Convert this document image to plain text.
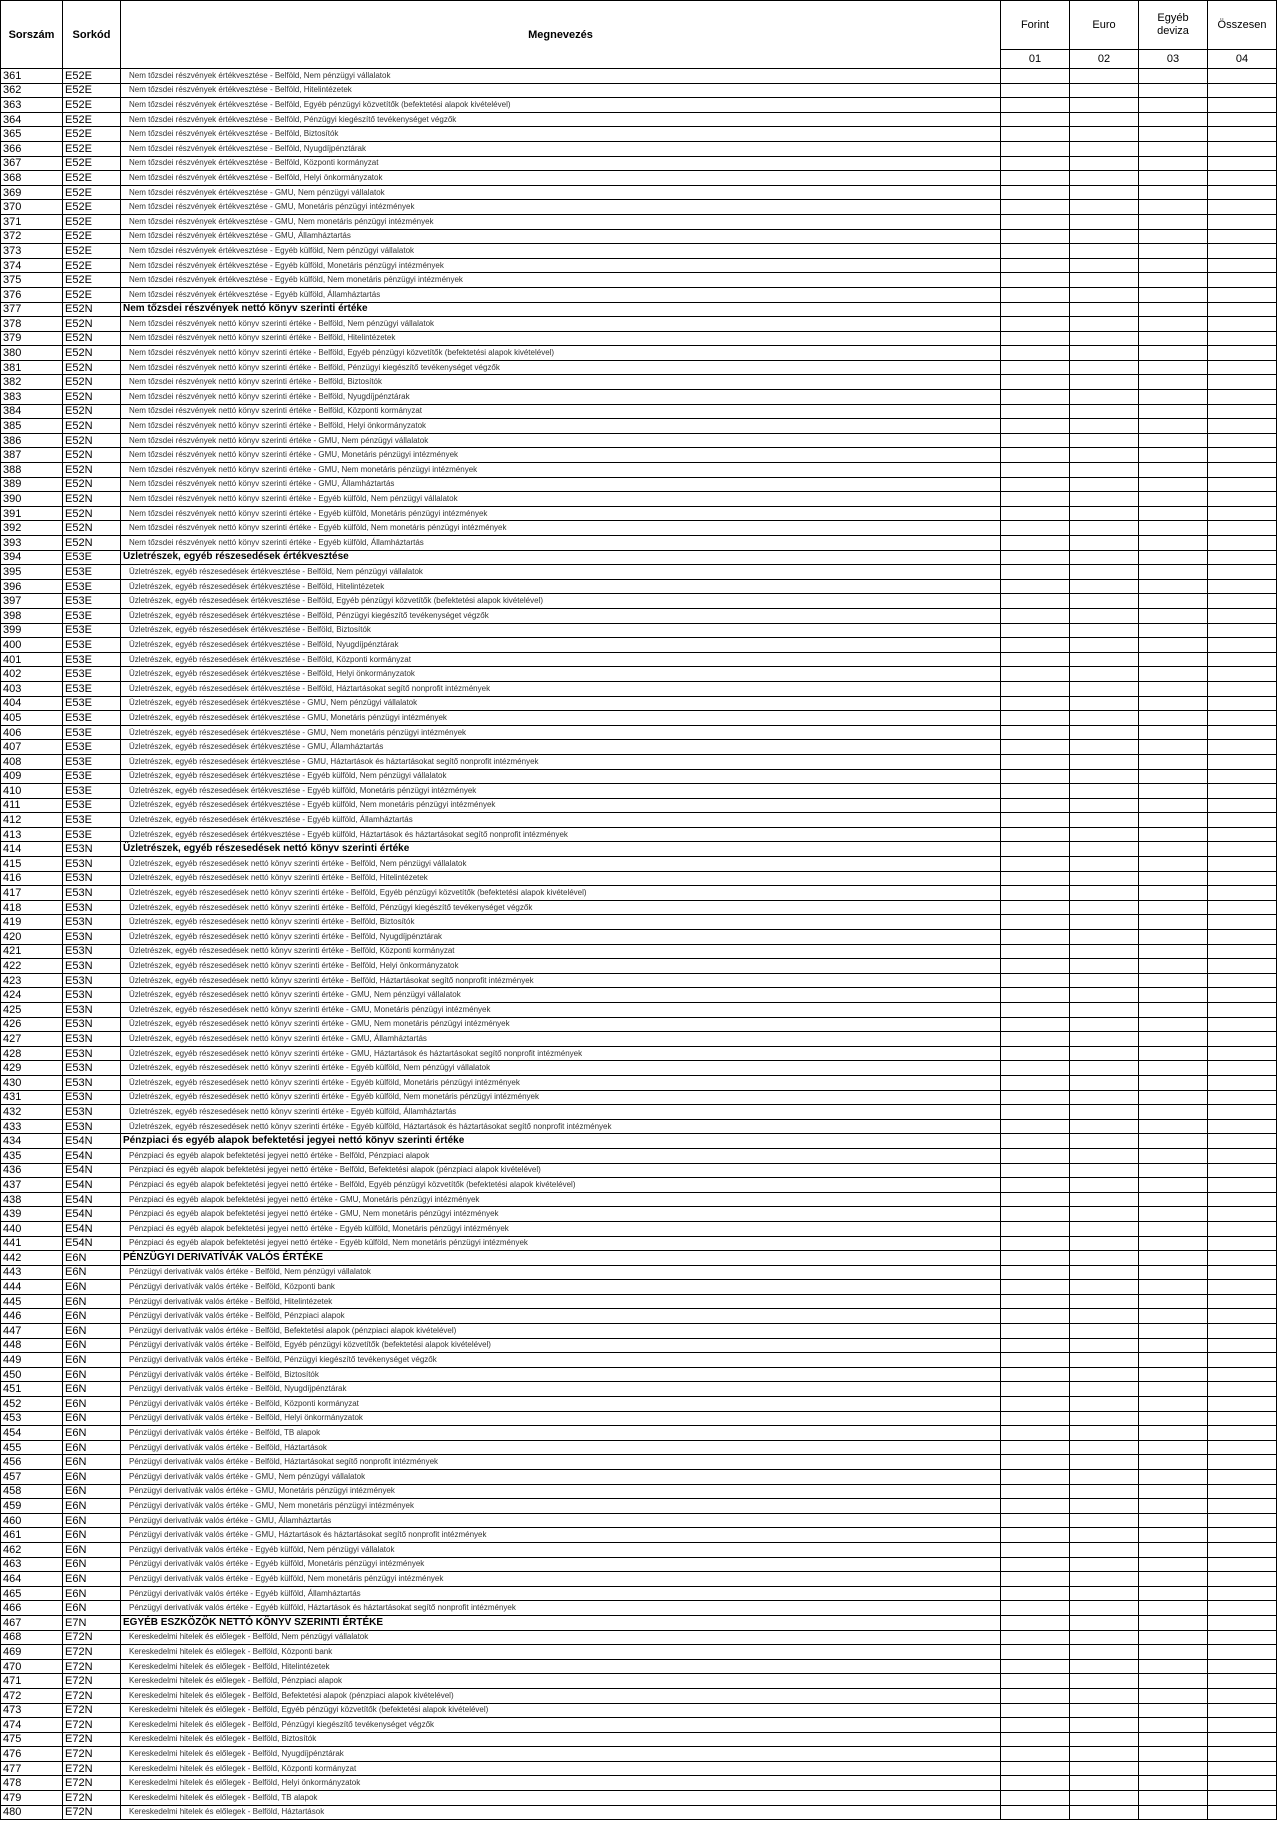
Sorszám	Sorkód	Megnevezés	Forint	Euro	Egyéb deviza	Összesen
			01	02	03	04
361	E52E	Nem tőzsdei részvények értékvesztése - Belföld, Nem pénzügyi vállalatok				
362	E52E	Nem tőzsdei részvények értékvesztése - Belföld, Hitelintézetek				
363	E52E	Nem tőzsdei részvények értékvesztése - Belföld, Egyéb pénzügyi közvetítők (befektetési alapok kivételével)				
364	E52E	Nem tőzsdei részvények értékvesztése - Belföld, Pénzügyi kiegészítő tevékenységet végzők				
365	E52E	Nem tőzsdei részvények értékvesztése - Belföld, Biztosítók				
366	E52E	Nem tőzsdei részvények értékvesztése - Belföld, Nyugdíjpénztárak				
367	E52E	Nem tőzsdei részvények értékvesztése - Belföld, Központi kormányzat				
368	E52E	Nem tőzsdei részvények értékvesztése - Belföld, Helyi önkormányzatok				
369	E52E	Nem tőzsdei részvények értékvesztése - GMU, Nem pénzügyi vállalatok				
370	E52E	Nem tőzsdei részvények értékvesztése - GMU, Monetáris pénzügyi intézmények				
371	E52E	Nem tőzsdei részvények értékvesztése - GMU, Nem monetáris pénzügyi intézmények				
372	E52E	Nem tőzsdei részvények értékvesztése - GMU, Államháztartás				
373	E52E	Nem tőzsdei részvények értékvesztése - Egyéb külföld, Nem pénzügyi vállalatok				
374	E52E	Nem tőzsdei részvények értékvesztése - Egyéb külföld, Monetáris pénzügyi intézmények				
375	E52E	Nem tőzsdei részvények értékvesztése - Egyéb külföld, Nem monetáris pénzügyi intézmények				
376	E52E	Nem tőzsdei részvények értékvesztése - Egyéb külföld, Államháztartás				
377	E52N	Nem tőzsdei részvények nettó könyv szerinti értéke				
378	E52N	Nem tőzsdei részvények nettó könyv szerinti értéke - Belföld, Nem pénzügyi vállalatok				
379	E52N	Nem tőzsdei részvények nettó könyv szerinti értéke - Belföld, Hitelintézetek				
380	E52N	Nem tőzsdei részvények nettó könyv szerinti értéke - Belföld, Egyéb pénzügyi közvetítők (befektetési alapok kivételével)				
381	E52N	Nem tőzsdei részvények nettó könyv szerinti értéke - Belföld, Pénzügyi kiegészítő tevékenységet végzők				
382	E52N	Nem tőzsdei részvények nettó könyv szerinti értéke - Belföld, Biztosítók				
383	E52N	Nem tőzsdei részvények nettó könyv szerinti értéke - Belföld, Nyugdíjpénztárak				
384	E52N	Nem tőzsdei részvények nettó könyv szerinti értéke - Belföld, Központi kormányzat				
385	E52N	Nem tőzsdei részvények nettó könyv szerinti értéke - Belföld, Helyi önkormányzatok				
386	E52N	Nem tőzsdei részvények nettó könyv szerinti értéke - GMU, Nem pénzügyi vállalatok				
387	E52N	Nem tőzsdei részvények nettó könyv szerinti értéke - GMU, Monetáris pénzügyi intézmények				
388	E52N	Nem tőzsdei részvények nettó könyv szerinti értéke - GMU, Nem monetáris pénzügyi intézmények				
389	E52N	Nem tőzsdei részvények nettó könyv szerinti értéke - GMU, Államháztartás				
390	E52N	Nem tőzsdei részvények nettó könyv szerinti értéke - Egyéb külföld, Nem pénzügyi vállalatok				
391	E52N	Nem tőzsdei részvények nettó könyv szerinti értéke - Egyéb külföld, Monetáris pénzügyi intézmények				
392	E52N	Nem tőzsdei részvények nettó könyv szerinti értéke - Egyéb külföld, Nem monetáris pénzügyi intézmények				
393	E52N	Nem tőzsdei részvények nettó könyv szerinti értéke - Egyéb külföld, Államháztartás				
394	E53E	Üzletrészek, egyéb részesedések értékvesztése				
395	E53E	Üzletrészek, egyéb részesedések értékvesztése - Belföld, Nem pénzügyi vállalatok				
396	E53E	Üzletrészek, egyéb részesedések értékvesztése - Belföld, Hitelintézetek				
397	E53E	Üzletrészek, egyéb részesedések értékvesztése - Belföld, Egyéb pénzügyi közvetítők (befektetési alapok kivételével)				
398	E53E	Üzletrészek, egyéb részesedések értékvesztése - Belföld, Pénzügyi kiegészítő tevékenységet végzők				
399	E53E	Üzletrészek, egyéb részesedések értékvesztése - Belföld, Biztosítók				
400	E53E	Üzletrészek, egyéb részesedések értékvesztése - Belföld, Nyugdíjpénztárak				
401	E53E	Üzletrészek, egyéb részesedések értékvesztése - Belföld, Központi kormányzat				
402	E53E	Üzletrészek, egyéb részesedések értékvesztése - Belföld, Helyi önkormányzatok				
403	E53E	Üzletrészek, egyéb részesedések értékvesztése - Belföld, Háztartásokat segítő nonprofit intézmények				
404	E53E	Üzletrészek, egyéb részesedések értékvesztése - GMU, Nem pénzügyi vállalatok				
405	E53E	Üzletrészek, egyéb részesedések értékvesztése - GMU, Monetáris pénzügyi intézmények				
406	E53E	Üzletrészek, egyéb részesedések értékvesztése - GMU, Nem monetáris pénzügyi intézmények				
407	E53E	Üzletrészek, egyéb részesedések értékvesztése - GMU, Államháztartás				
408	E53E	Üzletrészek, egyéb részesedések értékvesztése - GMU, Háztartások és háztartásokat segítő nonprofit intézmények				
409	E53E	Üzletrészek, egyéb részesedések értékvesztése - Egyéb külföld, Nem pénzügyi vállalatok				
410	E53E	Üzletrészek, egyéb részesedések értékvesztése - Egyéb külföld, Monetáris pénzügyi intézmények				
411	E53E	Üzletrészek, egyéb részesedések értékvesztése - Egyéb külföld, Nem monetáris pénzügyi intézmények				
412	E53E	Üzletrészek, egyéb részesedések értékvesztése - Egyéb külföld, Államháztartás				
413	E53E	Üzletrészek, egyéb részesedések értékvesztése - Egyéb külföld, Háztartások és háztartásokat segítő nonprofit intézmények				
414	E53N	Üzletrészek, egyéb részesedések nettó könyv szerinti értéke				
415	E53N	Üzletrészek, egyéb részesedések nettó könyv szerinti értéke - Belföld, Nem pénzügyi vállalatok				
416	E53N	Üzletrészek, egyéb részesedések nettó könyv szerinti értéke - Belföld, Hitelintézetek				
417	E53N	Üzletrészek, egyéb részesedések nettó könyv szerinti értéke - Belföld, Egyéb pénzügyi közvetítők (befektetési alapok kivételével)				
418	E53N	Üzletrészek, egyéb részesedések nettó könyv szerinti értéke - Belföld, Pénzügyi kiegészítő tevékenységet végzők				
419	E53N	Üzletrészek, egyéb részesedések nettó könyv szerinti értéke - Belföld, Biztosítók				
420	E53N	Üzletrészek, egyéb részesedések nettó könyv szerinti értéke - Belföld, Nyugdíjpénztárak				
421	E53N	Üzletrészek, egyéb részesedések nettó könyv szerinti értéke - Belföld, Központi kormányzat				
422	E53N	Üzletrészek, egyéb részesedések nettó könyv szerinti értéke - Belföld, Helyi önkormányzatok				
423	E53N	Üzletrészek, egyéb részesedések nettó könyv szerinti értéke - Belföld, Háztartásokat segítő nonprofit intézmények				
424	E53N	Üzletrészek, egyéb részesedések nettó könyv szerinti értéke - GMU, Nem pénzügyi vállalatok				
425	E53N	Üzletrészek, egyéb részesedések nettó könyv szerinti értéke - GMU, Monetáris pénzügyi intézmények				
426	E53N	Üzletrészek, egyéb részesedések nettó könyv szerinti értéke - GMU, Nem monetáris pénzügyi intézmények				
427	E53N	Üzletrészek, egyéb részesedések nettó könyv szerinti értéke - GMU, Államháztartás				
428	E53N	Üzletrészek, egyéb részesedések nettó könyv szerinti értéke - GMU, Háztartások és háztartásokat segítő nonprofit intézmények				
429	E53N	Üzletrészek, egyéb részesedések nettó könyv szerinti értéke - Egyéb külföld, Nem pénzügyi vállalatok				
430	E53N	Üzletrészek, egyéb részesedések nettó könyv szerinti értéke - Egyéb külföld, Monetáris pénzügyi intézmények				
431	E53N	Üzletrészek, egyéb részesedések nettó könyv szerinti értéke - Egyéb külföld, Nem monetáris pénzügyi intézmények				
432	E53N	Üzletrészek, egyéb részesedések nettó könyv szerinti értéke - Egyéb külföld, Államháztartás				
433	E53N	Üzletrészek, egyéb részesedések nettó könyv szerinti értéke - Egyéb külföld, Háztartások és háztartásokat segítő nonprofit intézmények				
434	E54N	Pénzpiaci és egyéb alapok befektetési jegyei nettó könyv szerinti értéke				
435	E54N	Pénzpiaci és egyéb alapok befektetési jegyei nettó értéke - Belföld, Pénzpiaci alapok				
436	E54N	Pénzpiaci és egyéb alapok befektetési jegyei nettó értéke - Belföld, Befektetési alapok (pénzpiaci alapok kivételével)				
437	E54N	Pénzpiaci és egyéb alapok befektetési jegyei nettó értéke - Belföld, Egyéb pénzügyi közvetítők (befektetési alapok kivételével)				
438	E54N	Pénzpiaci és egyéb alapok befektetési jegyei nettó értéke - GMU, Monetáris pénzügyi intézmények				
439	E54N	Pénzpiaci és egyéb alapok befektetési jegyei nettó értéke - GMU, Nem monetáris pénzügyi intézmények				
440	E54N	Pénzpiaci és egyéb alapok befektetési jegyei nettó értéke - Egyéb külföld, Monetáris pénzügyi intézmények				
441	E54N	Pénzpiaci és egyéb alapok befektetési jegyei nettó értéke - Egyéb külföld, Nem monetáris pénzügyi intézmények				
442	E6N	PÉNZÜGYI DERIVATÍVÁK VALÓS ÉRTÉKE				
443	E6N	Pénzügyi derivatívák valós értéke - Belföld, Nem pénzügyi vállalatok				
444	E6N	Pénzügyi derivatívák valós értéke - Belföld, Központi bank				
445	E6N	Pénzügyi derivatívák valós értéke - Belföld, Hitelintézetek				
446	E6N	Pénzügyi derivatívák valós értéke - Belföld, Pénzpiaci alapok				
447	E6N	Pénzügyi derivatívák valós értéke - Belföld, Befektetési alapok (pénzpiaci alapok kivételével)				
448	E6N	Pénzügyi derivatívák valós értéke - Belföld, Egyéb pénzügyi közvetítők (befektetési alapok kivételével)				
449	E6N	Pénzügyi derivatívák valós értéke - Belföld, Pénzügyi kiegészítő tevékenységet végzők				
450	E6N	Pénzügyi derivatívák valós értéke - Belföld, Biztosítók				
451	E6N	Pénzügyi derivatívák valós értéke - Belföld, Nyugdíjpénztárak				
452	E6N	Pénzügyi derivatívák valós értéke - Belföld, Központi kormányzat				
453	E6N	Pénzügyi derivatívák valós értéke - Belföld, Helyi önkormányzatok				
454	E6N	Pénzügyi derivatívák valós értéke - Belföld, TB alapok				
455	E6N	Pénzügyi derivatívák valós értéke - Belföld, Háztartások				
456	E6N	Pénzügyi derivatívák valós értéke - Belföld, Háztartásokat segítő nonprofit intézmények				
457	E6N	Pénzügyi derivatívák valós értéke - GMU, Nem pénzügyi vállalatok				
458	E6N	Pénzügyi derivatívák valós értéke - GMU, Monetáris pénzügyi intézmények				
459	E6N	Pénzügyi derivatívák valós értéke - GMU, Nem monetáris pénzügyi intézmények				
460	E6N	Pénzügyi derivatívák valós értéke - GMU, Államháztartás				
461	E6N	Pénzügyi derivatívák valós értéke - GMU, Háztartások és háztartásokat segítő nonprofit intézmények				
462	E6N	Pénzügyi derivatívák valós értéke - Egyéb külföld, Nem pénzügyi vállalatok				
463	E6N	Pénzügyi derivatívák valós értéke - Egyéb külföld, Monetáris pénzügyi intézmények				
464	E6N	Pénzügyi derivatívák valós értéke - Egyéb külföld, Nem monetáris pénzügyi intézmények				
465	E6N	Pénzügyi derivatívák valós értéke - Egyéb külföld, Államháztartás				
466	E6N	Pénzügyi derivatívák valós értéke - Egyéb külföld, Háztartások és háztartásokat segítő nonprofit intézmények				
467	E7N	EGYÉB ESZKÖZÖK NETTÓ KÖNYV SZERINTI ÉRTÉKE				
468	E72N	Kereskedelmi hitelek és előlegek - Belföld, Nem pénzügyi vállalatok				
469	E72N	Kereskedelmi hitelek és előlegek - Belföld, Központi bank				
470	E72N	Kereskedelmi hitelek és előlegek - Belföld, Hitelintézetek				
471	E72N	Kereskedelmi hitelek és előlegek - Belföld, Pénzpiaci alapok				
472	E72N	Kereskedelmi hitelek és előlegek - Belföld, Befektetési alapok (pénzpiaci alapok kivételével)				
473	E72N	Kereskedelmi hitelek és előlegek - Belföld, Egyéb pénzügyi közvetítők (befektetési alapok kivételével)				
474	E72N	Kereskedelmi hitelek és előlegek - Belföld, Pénzügyi kiegészítő tevékenységet végzők				
475	E72N	Kereskedelmi hitelek és előlegek - Belföld, Biztosítók				
476	E72N	Kereskedelmi hitelek és előlegek - Belföld, Nyugdíjpénztárak				
477	E72N	Kereskedelmi hitelek és előlegek - Belföld, Központi kormányzat				
478	E72N	Kereskedelmi hitelek és előlegek - Belföld, Helyi önkormányzatok				
479	E72N	Kereskedelmi hitelek és előlegek - Belföld, TB alapok				
480	E72N	Kereskedelmi hitelek és előlegek - Belföld, Háztartások				
